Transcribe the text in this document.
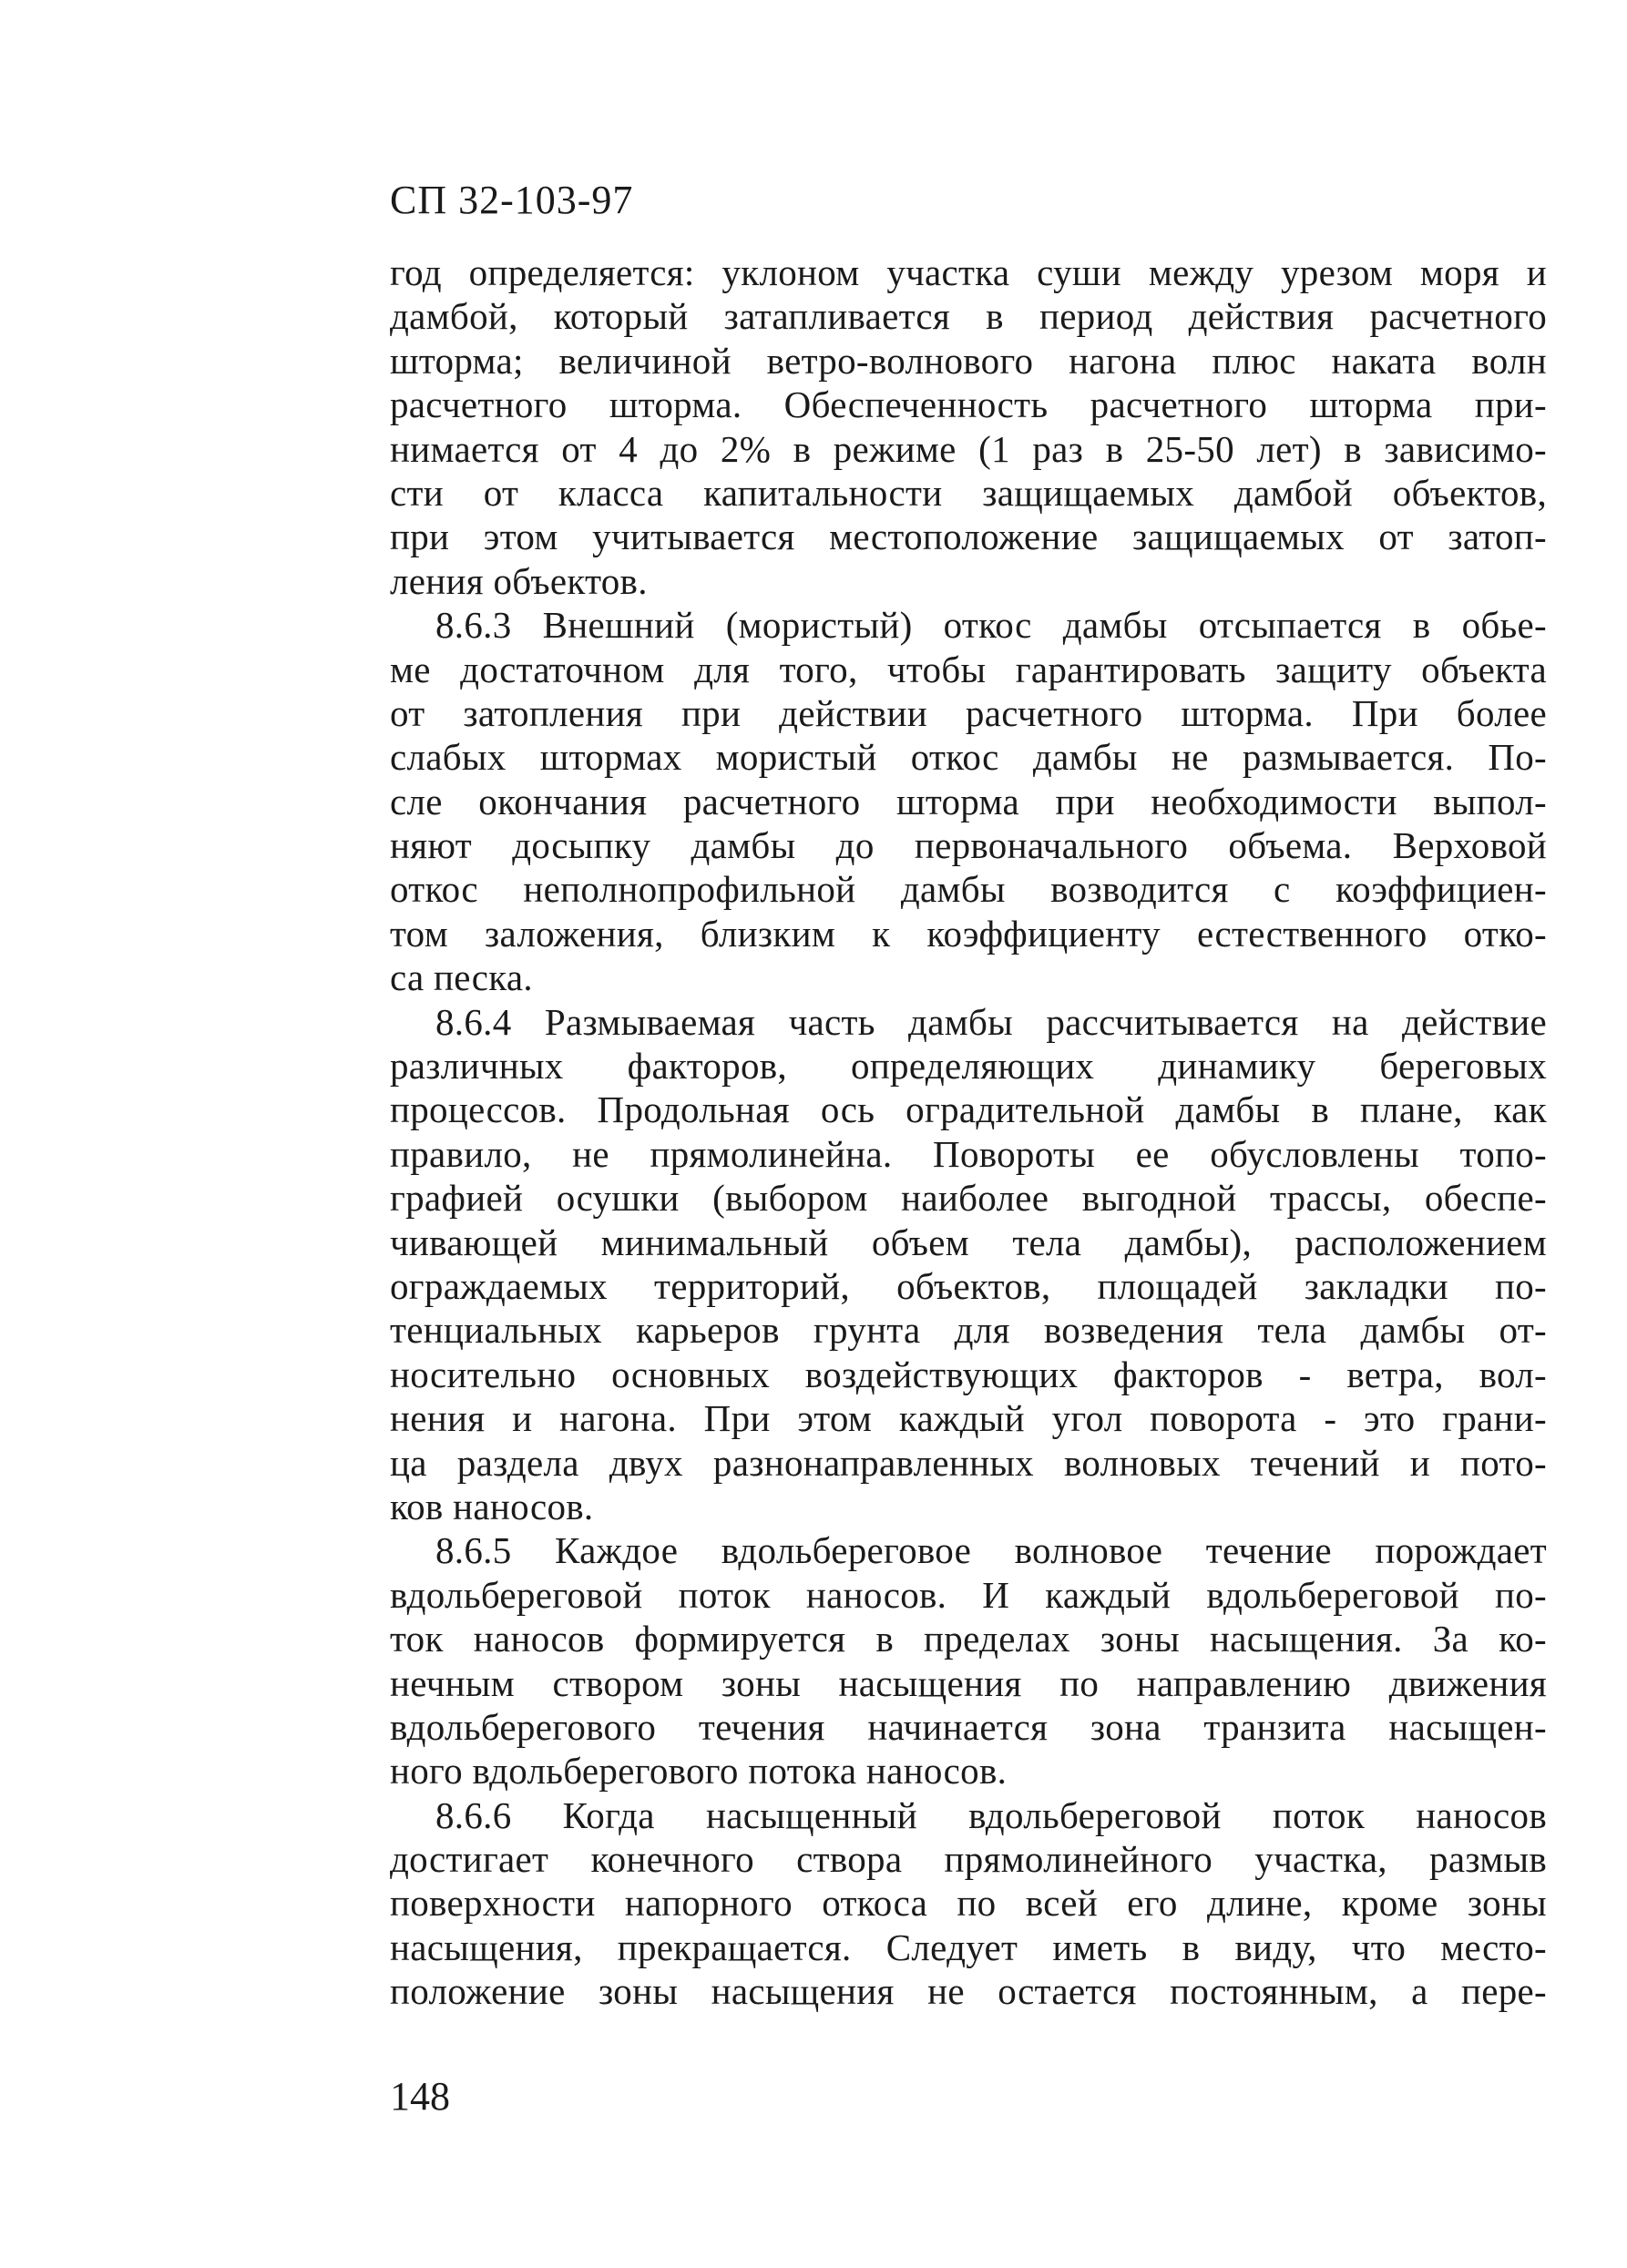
СП 32-103-97
год определяется: уклоном участка суши между урезом моря и
дамбой, который затапливается в период действия расчетного
шторма; величиной ветро-волнового нагона плюс наката волн
расчетного шторма. Обеспеченность расчетного шторма при-
нимается от 4 до 2% в режиме (1 раз в 25-50 лет) в зависимо-
сти от класса капитальности защищаемых дамбой объектов,
при этом учитывается местоположение защищаемых от затоп-
ления объектов.
8.6.3 Внешний (мористый) откос дамбы отсыпается в обье-
ме достаточном для того, чтобы гарантировать защиту объекта
от затопления при действии расчетного шторма. При более
слабых штормах мористый откос дамбы не размывается. По-
сле окончания расчетного шторма при необходимости выпол-
няют досыпку дамбы до первоначального объема. Верховой
откос неполнопрофильной дамбы возводится с коэффициен-
том заложения, близким к коэффициенту естественного отко-
са песка.
8.6.4 Размываемая часть дамбы рассчитывается на действие
различных факторов, определяющих динамику береговых
процессов. Продольная ось оградительной дамбы в плане, как
правило, не прямолинейна. Повороты ее обусловлены топо-
графией осушки (выбором наиболее выгодной трассы, обеспе-
чивающей минимальный объем тела дамбы), расположением
ограждаемых территорий, объектов, площадей закладки по-
тенциальных карьеров грунта для возведения тела дамбы от-
носительно основных воздействующих факторов - ветра, вол-
нения и нагона. При этом каждый угол поворота - это грани-
ца раздела двух разнонаправленных волновых течений и пото-
ков наносов.
8.6.5 Каждое вдольбереговое волновое течение порождает
вдольбереговой поток наносов. И каждый вдольбереговой по-
ток наносов формируется в пределах зоны насыщения. За ко-
нечным створом зоны насыщения по направлению движения
вдольберегового течения начинается зона транзита насыщен-
ного вдольберегового потока наносов.
8.6.6 Когда насыщенный вдольбереговой поток наносов
достигает конечного створа прямолинейного участка, размыв
поверхности напорного откоса по всей его длине, кроме зоны
насыщения, прекращается. Следует иметь в виду, что место-
положение зоны насыщения не остается постоянным, а пере-
148
